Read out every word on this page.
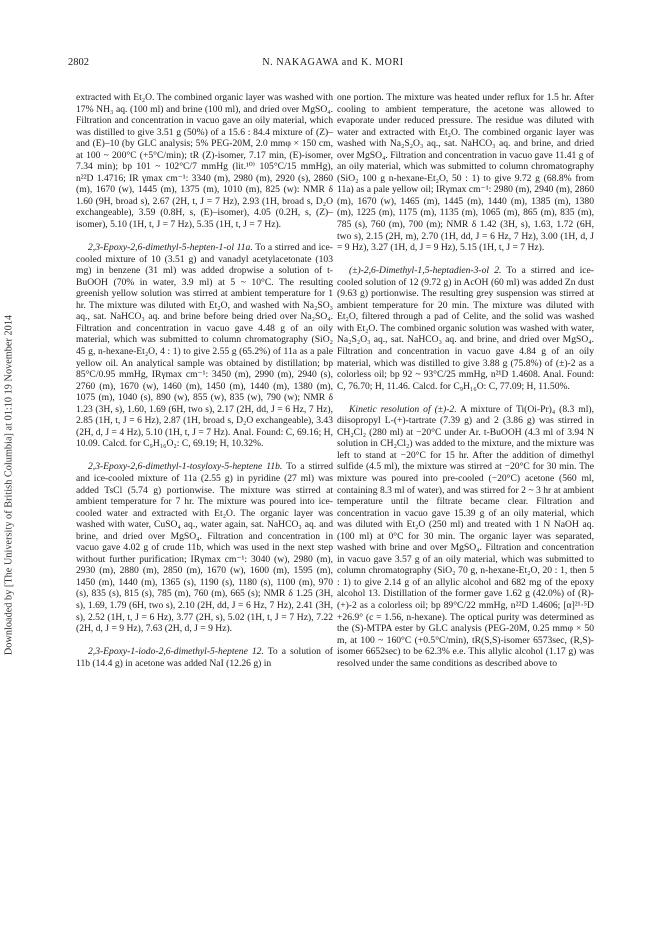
Downloaded by [The University of British Columbia] at 01:10 19 November 2014
2802	N. NAKAGAWA and K. MORI

extracted with Et₂O. The combined organic layer was washed with 17% NH₃ aq. (100 ml) and brine (100 ml), and dried over MgSO₄. Filtration and concentration in vacuo gave an oily material, which was distilled to give 3.51 g (50%) of a 15.6 : 84.4 mixture of (Z)– and (E)–10 (by GLC analysis; 5% PEG-20M, 2.0 mmφ × 150 cm, at 100 ~ 200°C (+5°C/min); tR (Z)-isomer, 7.17 min, (E)-isomer, 7.34 min); bp 101 ~ 102°C/7 mmHg (lit.¹⁰⁾ 105°C/15 mmHg), n²²D 1.4716; IR γmax cm⁻¹: 3340 (m), 2980 (m), 2920 (s), 2860 (m), 1670 (w), 1445 (m), 1375 (m), 1010 (m), 825 (w): NMR δ 1.60 (9H, broad s), 2.67 (2H, t, J = 7 Hz), 2.93 (1H, broad s, D₂O exchangeable), 3.59 (0.8H, s, (E)–isomer), 4.05 (0.2H, s, (Z)–isomer), 5.10 (1H, t, J = 7 Hz), 5.35 (1H, t, J = 7 Hz).

2,3-Epoxy-2,6-dimethyl-5-hepten-1-ol 11a. To a stirred and ice-cooled mixture of 10 (3.51 g) and vanadyl acetylacetonate (103 mg) in benzene (31 ml) was added dropwise a solution of t-BuOOH (70% in water, 3.9 ml) at 5 ~ 10°C. The resulting greenish yellow solution was stirred at ambient temperature for 1 hr. The mixture was diluted with Et₂O, and washed with Na₂SO₃ aq., sat. NaHCO₃ aq. and brine before being dried over Na₂SO₄. Filtration and concentration in vacuo gave 4.48 g of an oily material, which was submitted to column chromatography (SiO₂ 45 g, n-hexane-Et₂O, 4 : 1) to give 2.55 g (65.2%) of 11a as a pale yellow oil. An analytical sample was obtained by distillation; bp 85°C/0.95 mmHg, IRγmax cm⁻¹: 3450 (m), 2990 (m), 2940 (s), 2760 (m), 1670 (w), 1460 (m), 1450 (m), 1440 (m), 1380 (m), 1075 (m), 1040 (s), 890 (w), 855 (w), 835 (w), 790 (w); NMR δ 1.23 (3H, s), 1.60, 1.69 (6H, two s), 2.17 (2H, dd, J = 6 Hz, 7 Hz), 2.85 (1H, t, J = 6 Hz), 2.87 (1H, broad s, D₂O exchangeable), 3.43 (2H, d, J = 4 Hz), 5.10 (1H, t, J = 7 Hz). Anal. Found: C, 69.16; H, 10.09. Calcd. for C₉H₁₆O₂: C, 69.19; H, 10.32%.

2,3-Epoxy-2,6-dimethyl-1-tosyloxy-5-heptene 11b. To a stirred and ice-cooled mixture of 11a (2.55 g) in pyridine (27 ml) was added TsCl (5.74 g) portionwise. The mixture was stirred at ambient temperature for 7 hr. The mixture was poured into ice-cooled water and extracted with Et₂O. The organic layer was washed with water, CuSO₄ aq., water again, sat. NaHCO₃ aq. and brine, and dried over MgSO₄. Filtration and concentration in vacuo gave 4.02 g of crude 11b, which was used in the next step without further purification; IRγmax cm⁻¹: 3040 (w), 2980 (m), 2930 (m), 2880 (m), 2850 (m), 1670 (w), 1600 (m), 1595 (m), 1450 (m), 1440 (m), 1365 (s), 1190 (s), 1180 (s), 1100 (m), 970 (s), 835 (s), 815 (s), 785 (m), 760 (m), 665 (s); NMR δ 1.25 (3H, s), 1.69, 1.79 (6H, two s), 2.10 (2H, dd, J = 6 Hz, 7 Hz), 2.41 (3H, s), 2.52 (1H, t, J = 6 Hz), 3.77 (2H, s), 5.02 (1H, t, J = 7 Hz), 7.22 (2H, d, J = 9 Hz), 7.63 (2H, d, J = 9 Hz).

2,3-Epoxy-1-iodo-2,6-dimethyl-5-heptene 12. To a solution of 11b (14.4 g) in acetone was added NaI (12.26 g) in

one portion. The mixture was heated under reflux for 1.5 hr. After cooling to ambient temperature, the acetone was allowed to evaporate under reduced pressure. The residue was diluted with water and extracted with Et₂O. The combined organic layer was washed with Na₂S₂O₃ aq., sat. NaHCO₃ aq. and brine, and dried over MgSO₄. Filtration and concentration in vacuo gave 11.41 g of an oily material, which was submitted to column chromatography (SiO₂ 100 g n-hexane-Et₂O, 50 : 1) to give 9.72 g (68.8% from 11a) as a pale yellow oil; IRγmax cm⁻¹: 2980 (m), 2940 (m), 2860 (m), 1670 (w), 1465 (m), 1445 (m), 1440 (m), 1385 (m), 1380 (m), 1225 (m), 1175 (m), 1135 (m), 1065 (m), 865 (m), 835 (m), 785 (s), 760 (m), 700 (m); NMR δ 1.42 (3H, s), 1.63, 1.72 (6H, two s), 2.15 (2H, m), 2.70 (1H, dd, J = 6 Hz, 7 Hz), 3.00 (1H, d, J = 9 Hz), 3.27 (1H, d, J = 9 Hz), 5.15 (1H, t, J = 7 Hz).

(±)-2,6-Dimethyl-1,5-heptadien-3-ol 2. To a stirred and ice-cooled solution of 12 (9.72 g) in AcOH (60 ml) was added Zn dust (9.63 g) portionwise. The resulting grey suspension was stirred at ambient temperature for 20 min. The mixture was diluted with Et₂O, filtered through a pad of Celite, and the solid was washed with Et₂O. The combined organic solution was washed with water, Na₂S₂O₃ aq., sat. NaHCO₃ aq. and brine, and dried over MgSO₄. Filtration and concentration in vacuo gave 4.84 g of an oily material, which was distilled to give 3.88 g (75.8%) of (±)-2 as a colorless oil; bp 92 ~ 93°C/25 mmHg, n²¹D 1.4608. Anal. Found: C, 76.70; H, 11.46. Calcd. for C₉H₁₆O: C, 77.09; H, 11.50%.

Kinetic resolution of (±)-2. A mixture of Ti(Oi-Pr)₄ (8.3 ml), diisopropyl L-(+)-tartrate (7.39 g) and 2 (3.86 g) was stirred in CH₂Cl₂ (280 ml) at −20°C under Ar. t-BuOOH (4.3 ml of 3.94 N solution in CH₂Cl₂) was added to the mixture, and the mixture was left to stand at −20°C for 15 hr. After the addition of dimethyl sulfide (4.5 ml), the mixture was stirred at −20°C for 30 min. The mixture was poured into pre-cooled (−20°C) acetone (560 ml, containing 8.3 ml of water), and was stirred for 2 ~ 3 hr at ambient temperature until the filtrate became clear. Filtration and concentration in vacuo gave 15.39 g of an oily material, which was diluted with Et₂O (250 ml) and treated with 1 N NaOH aq. (100 ml) at 0°C for 30 min. The organic layer was separated, washed with brine and over MgSO₄. Filtration and concentration in vacuo gave 3.57 g of an oily material, which was submitted to column chromatography (SiO₂ 70 g, n-hexane-Et₂O, 20 : 1, then 5 : 1) to give 2.14 g of an allylic alcohol and 682 mg of the epoxy alcohol 13. Distillation of the former gave 1.62 g (42.0%) of (R)-(+)-2 as a colorless oil; bp 89°C/22 mmHg, n²²D 1.4606; [α]²¹·⁵D +26.9° (c = 1.56, n-hexane). The optical purity was determined as the (S)-MTPA ester by GLC analysis (PEG-20M, 0.25 mmφ × 50 m, at 100 ~ 160°C (+0.5°C/min), tR(S,S)-isomer 6573sec, (R,S)-isomer 6652sec) to be 62.3% e.e. This allylic alcohol (1.17 g) was resolved under the same conditions as described above to
